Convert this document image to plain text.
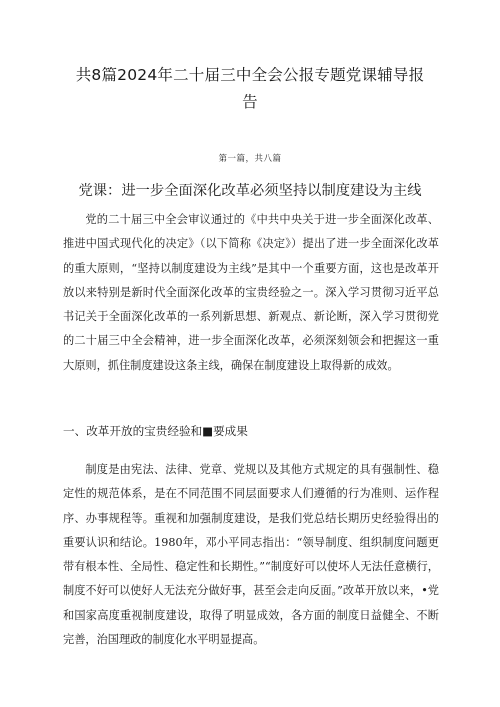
共8篇2024年二十届三中全会公报专题党课辅导报告
第一篇，共八篇
党课：进一步全面深化改革必须坚持以制度建设为主线

党的二十届三中全会审议通过的《中共中央关于进一步全面深化改革、推进中国式现代化的决定》（以下简称《决定》）提出了进一步全面深化改革的重大原则，“坚持以制度建设为主线”是其中一个重要方面，这也是改革开放以来特别是新时代全面深化改革的宝贵经验之一。深入学习贯彻习近平总书记关于全面深化改革的一系列新思想、新观点、新论断，深入学习贯彻党的二十届三中全会精神，进一步全面深化改革，必须深刻领会和把握这一重大原则，抓住制度建设这条主线，确保在制度建设上取得新的成效。

一、改革开放的宝贵经验和■要成果

制度是由宪法、法律、党章、党规以及其他方式规定的具有强制性、稳定性的规范体系，是在不同范围不同层面要求人们遵循的行为准则、运作程序、办事规程等。重视和加强制度建设，是我们党总结长期历史经验得出的重要认识和结论。1980年，邓小平同志指出：“领导制度、组织制度问题更带有根本性、全局性、稳定性和长期性。”“制度好可以使坏人无法任意横行，制度不好可以使好人无法充分做好事，甚至会走向反面。”改革开放以来，•党和国家高度重视制度建设，取得了明显成效，各方面的制度日益健全、不断完善，治国理政的制度化水平明显提高。
